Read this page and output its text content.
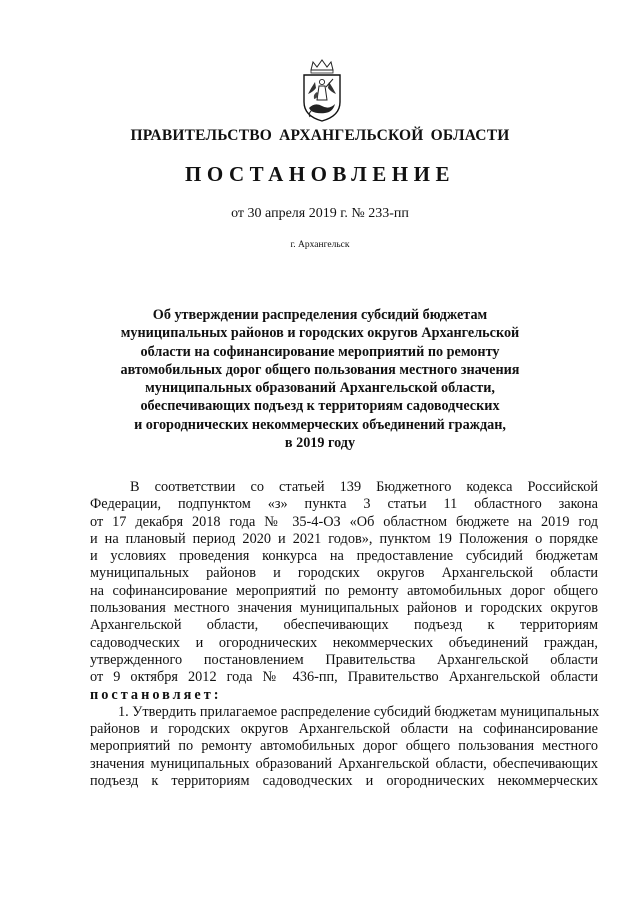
ПРАВИТЕЛЬСТВО АРХАНГЕЛЬСКОЙ ОБЛАСТИ
ПОСТАНОВЛЕНИЕ
от 30 апреля 2019 г. № 233-пп
г. Архангельск
Об утверждении распределения субсидий бюджетам
муниципальных районов и городских округов Архангельской
области на софинансирование мероприятий по ремонту
автомобильных дорог общего пользования местного значения
муниципальных образований Архангельской области,
обеспечивающих подъезд к территориям садоводческих
и огороднических некоммерческих объединений граждан,
в 2019 году
В соответствии со статьей 139 Бюджетного кодекса Российской
Федерации, подпунктом «з» пункта 3 статьи 11 областного закона
от 17 декабря 2018 года № 35-4-ОЗ «Об областном бюджете на 2019 год
и на плановый период 2020 и 2021 годов», пунктом 19 Положения о порядке
и условиях проведения конкурса на предоставление субсидий бюджетам
муниципальных районов и городских округов Архангельской области
на софинансирование мероприятий по ремонту автомобильных дорог общего
пользования местного значения муниципальных районов и городских округов
Архангельской области, обеспечивающих подъезд к территориям
садоводческих и огороднических некоммерческих объединений граждан,
утвержденного постановлением Правительства Архангельской области
от 9 октября 2012 года № 436-пп, Правительство Архангельской области
постановляет:
1. Утвердить прилагаемое распределение субсидий бюджетам муниципальных
районов и городских округов Архангельской области на софинансирование
мероприятий по ремонту автомобильных дорог общего пользования местного
значения муниципальных образований Архангельской области, обеспечивающих
подъезд к территориям садоводческих и огороднических некоммерческих
